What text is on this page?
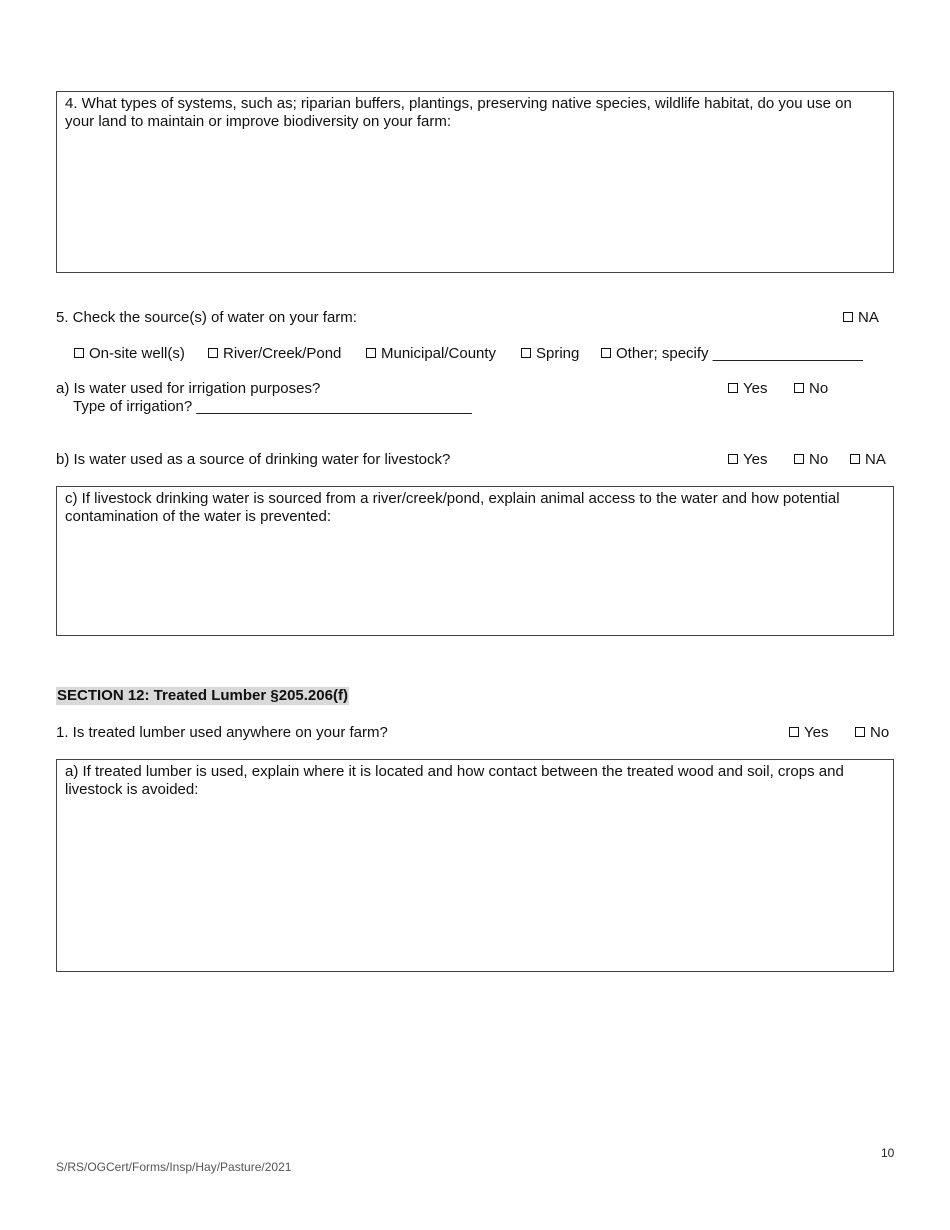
4. What types of systems, such as; riparian buffers, plantings, preserving native species, wildlife habitat, do you use on your land to maintain or improve biodiversity on your farm:
5. Check the source(s) of water on your farm:	NA
On-site well(s)	River/Creek/Pond	Municipal/County	Spring	Other; specify __________________
a) Is water used for irrigation purposes?
Type of irrigation? _________________________________
Yes	No
b) Is water used as a source of drinking water for livestock?	Yes	No	NA
c) If livestock drinking water is sourced from a river/creek/pond, explain animal access to the water and how potential contamination of the water is prevented:
SECTION 12: Treated Lumber §205.206(f)
1. Is treated lumber used anywhere on your farm?	Yes	No
a) If treated lumber is used, explain where it is located and how contact between the treated wood and soil, crops and livestock is avoided:
10
S/RS/OGCert/Forms/Insp/Hay/Pasture/2021
